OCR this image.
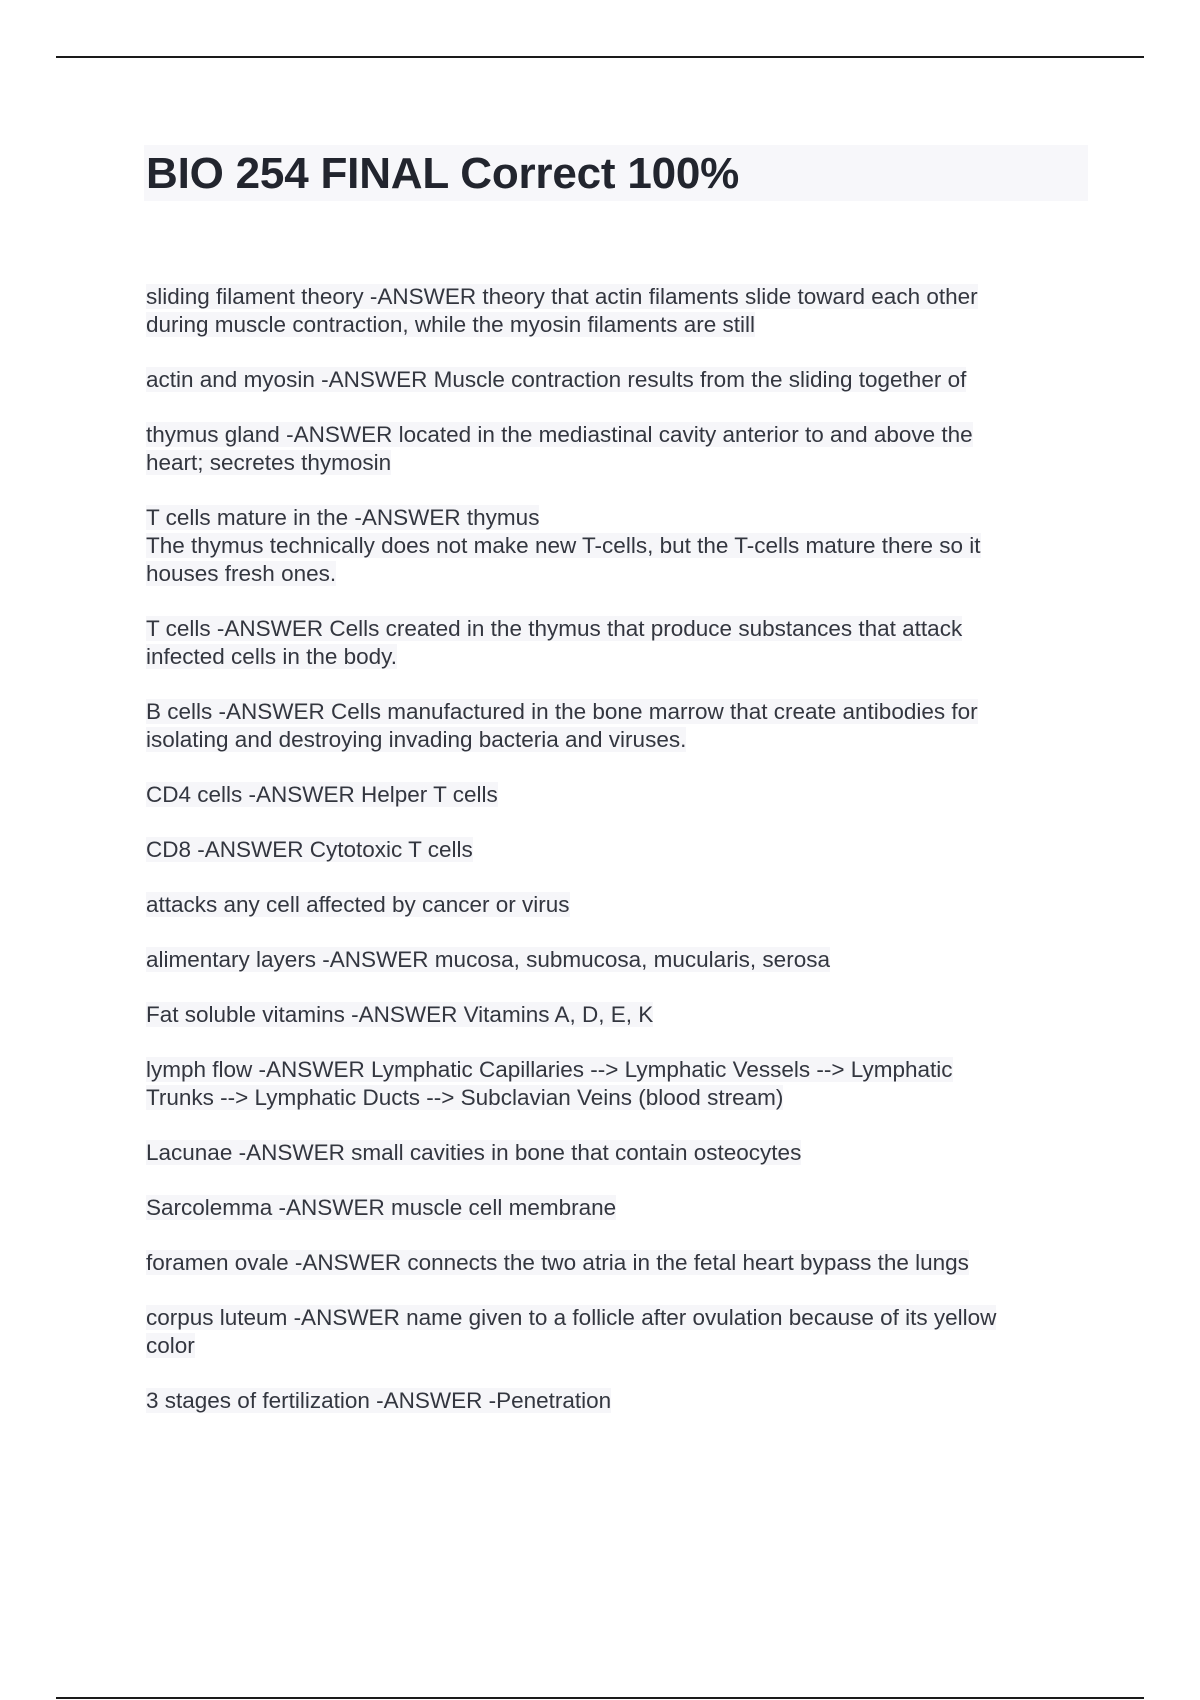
BIO 254 FINAL Correct 100%
sliding filament theory -ANSWER theory that actin filaments slide toward each other
during muscle contraction, while the myosin filaments are still
actin and myosin -ANSWER Muscle contraction results from the sliding together of
thymus gland -ANSWER located in the mediastinal cavity anterior to and above the
heart; secretes thymosin
T cells mature in the -ANSWER thymus
The thymus technically does not make new T-cells, but the T-cells mature there so it
houses fresh ones.
T cells -ANSWER Cells created in the thymus that produce substances that attack
infected cells in the body.
B cells -ANSWER Cells manufactured in the bone marrow that create antibodies for
isolating and destroying invading bacteria and viruses.
CD4 cells -ANSWER Helper T cells
CD8 -ANSWER Cytotoxic T cells
attacks any cell affected by cancer or virus
alimentary layers -ANSWER mucosa, submucosa, mucularis, serosa
Fat soluble vitamins -ANSWER Vitamins A, D, E, K
lymph flow -ANSWER Lymphatic Capillaries --> Lymphatic Vessels --> Lymphatic
Trunks --> Lymphatic Ducts --> Subclavian Veins (blood stream)
Lacunae -ANSWER small cavities in bone that contain osteocytes
Sarcolemma -ANSWER muscle cell membrane
foramen ovale -ANSWER connects the two atria in the fetal heart bypass the lungs
corpus luteum -ANSWER name given to a follicle after ovulation because of its yellow
color
3 stages of fertilization -ANSWER -Penetration
